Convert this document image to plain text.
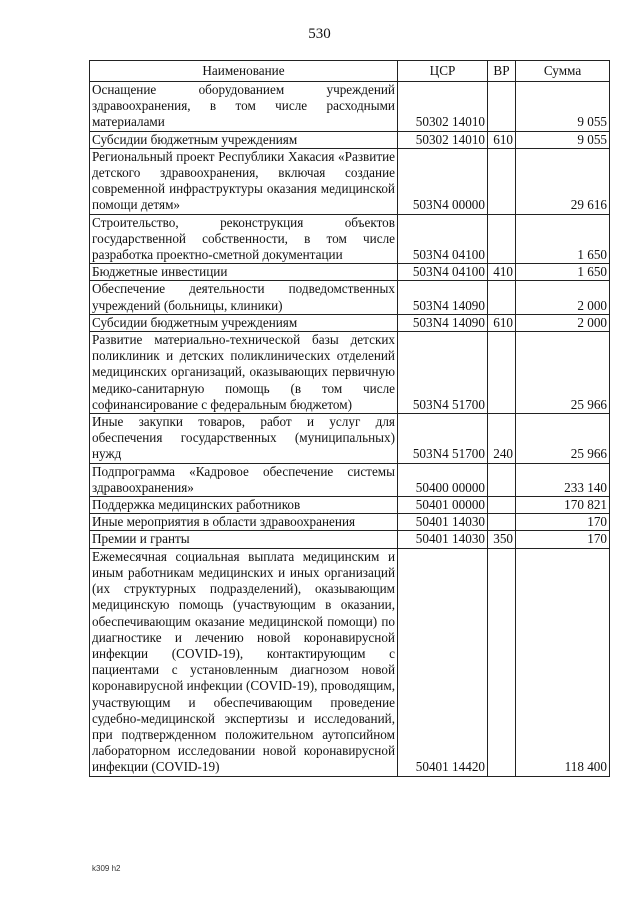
530
Наименование	ЦСР	ВР	Сумма
Оснащение оборудованием учреждений здравоохранения, в том числе расходными материалами	50302 14010		9 055
Субсидии бюджетным учреждениям	50302 14010	610	9 055
Региональный проект Республики Хакасия «Развитие детского здравоохранения, включая создание современной инфраструктуры оказания медицинской помощи детям»	503N4 00000		29 616
Строительство, реконструкция объектов государственной собственности, в том числе разработка проектно-сметной документации	503N4 04100		1 650
Бюджетные инвестиции	503N4 04100	410	1 650
Обеспечение деятельности подведомственных учреждений (больницы, клиники)	503N4 14090		2 000
Субсидии бюджетным учреждениям	503N4 14090	610	2 000
Развитие материально-технической базы детских поликлиник и детских поликлинических отделений медицинских организаций, оказывающих первичную медико-санитарную помощь (в том числе софинансирование с федеральным бюджетом)	503N4 51700		25 966
Иные закупки товаров, работ и услуг для обеспечения государственных (муниципальных) нужд	503N4 51700	240	25 966
Подпрограмма «Кадровое обеспечение системы здравоохранения»	50400 00000		233 140
Поддержка медицинских работников	50401 00000		170 821
Иные мероприятия в области здравоохранения	50401 14030		170
Премии и гранты	50401 14030	350	170
Ежемесячная социальная выплата медицинским и иным работникам медицинских и иных организаций (их структурных подразделений), оказывающим медицинскую помощь (участвующим в оказании, обеспечивающим оказание медицинской помощи) по диагностике и лечению новой коронавирусной инфекции (COVID-19), контактирующим с пациентами с установленным диагнозом новой коронавирусной инфекции (COVID-19), проводящим, участвующим и обеспечивающим проведение судебно-медицинской экспертизы и исследований, при подтвержденном положительном аутопсийном лабораторном исследовании новой коронавирусной инфекции (COVID-19)	50401 14420		118 400
k309 h2
